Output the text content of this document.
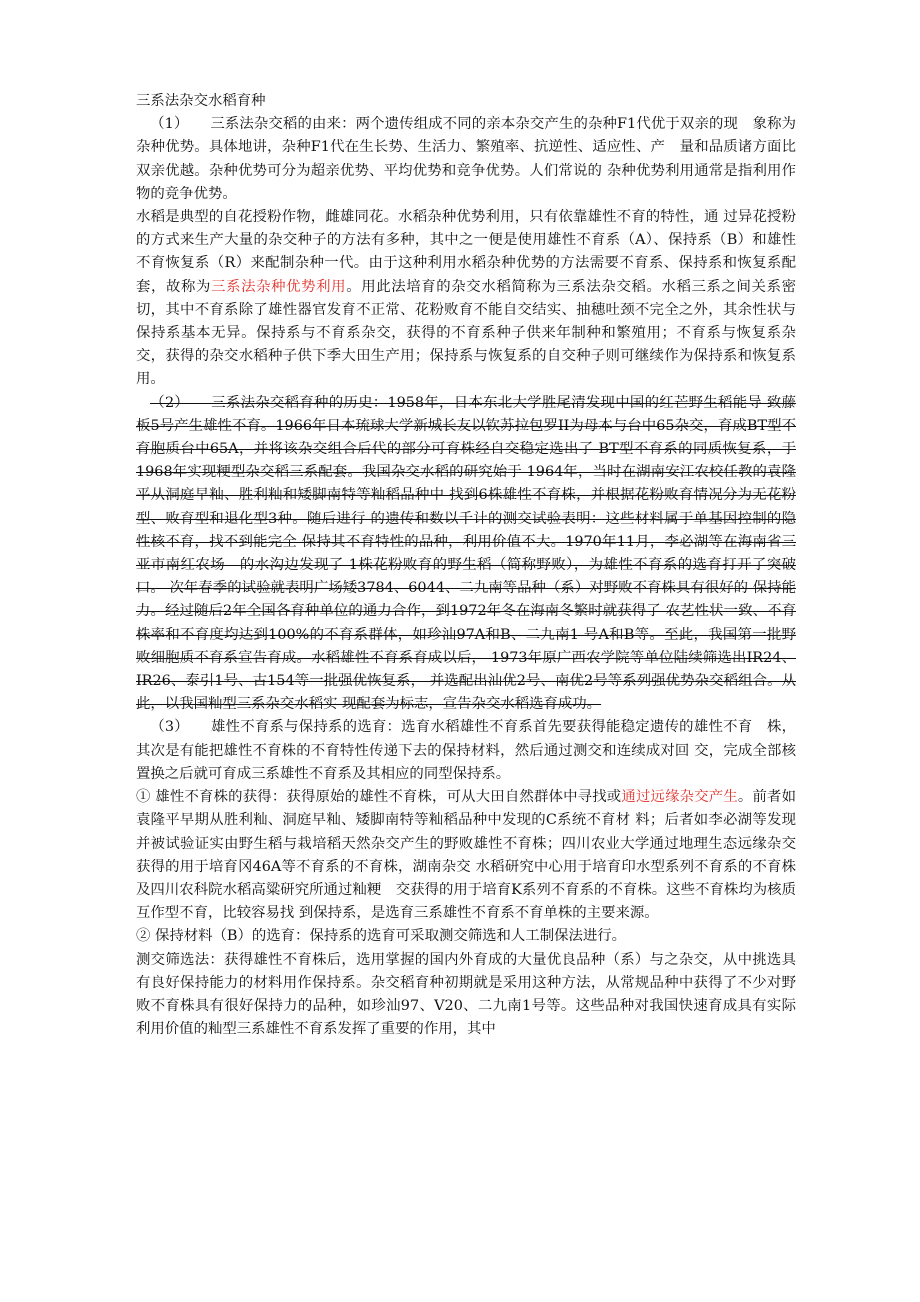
三系法杂交水稻育种

（1）　　三系法杂交稻的由来：两个遗传组成不同的亲本杂交产生的杂种F1代优于双亲的现　象称为杂种优势。具体地讲，杂种F1代在生长势、生活力、繁殖率、抗逆性、适应性、产　量和品质诸方面比双亲优越。杂种优势可分为超亲优势、平均优势和竞争优势。人们常说的 杂种优势利用通常是指利用作物的竞争优势。

水稻是典型的自花授粉作物，雌雄同花。水稻杂种优势利用，只有依靠雄性不育的特性，通 过异花授粉的方式来生产大量的杂交种子的方法有多种，其中之一便是使用雄性不育系（A）、保持系（B）和雄性不育恢复系（R）来配制杂种一代。由于这种利用水稻杂种优势的方法需要不育系、保持系和恢复系配套，故称为三系法杂种优势利用。用此法培育的杂交水稻简称为三系法杂交稻。水稻三系之间关系密切，其中不育系除了雄性器官发育不正常、花粉败育不能自交结实、抽穗吐颈不完全之外，其余性状与保持系基本无异。保持系与不育系杂交，获得的不育系种子供来年制种和繁殖用；不育系与恢复系杂交，获得的杂交水稻种子供下季大田生产用；保持系与恢复系的自交种子则可继续作为保持系和恢复系用。

（2）　　三系法杂交稻育种的历史：1958年，日本东北大学胜尾清发现中国的红芒野生稻能导 致藤板5号产生雄性不育。1966年日本琉球大学新城长友以钦苏拉包罗II为母本与台中65杂交，育成BT型不育胞质台中65A，并将该杂交组合后代的部分可育株经自交稳定选出了 BT型不育系的同质恢复系，于1968年实现粳型杂交稻三系配套。我国杂交水稻的研究始于 1964年，当时在湖南安江农校任教的袁隆平从洞庭早籼、胜利籼和矮脚南特等籼稻品种中 找到6株雄性不育株，并根据花粉败育情况分为无花粉型、败育型和退化型3种。随后进行 的遗传和数以千计的测交试验表明：这些材料属于单基因控制的隐性核不育，找不到能完全 保持其不育特性的品种，利用价值不大。1970年11月，李必湖等在海南省三亚市南红农场　的水沟边发现了 1株花粉败育的野生稻（简称野败），为雄性不育系的选育打开了突破口。 次年春季的试验就表明广场矮3784、6044、二九南等品种（系）对野败不育株具有很好的 保持能力。经过随后2年全国各育种单位的通力合作，到1972年冬在海南冬繁时就获得了 农艺性状一致、不育株率和不育度均达到100%的不育系群体，如珍汕97A和B、二九南1 号A和B等。至此，我国第一批野败细胞质不育系宣告育成。水稻雄性不育系育成以后， 1973年原广西农学院等单位陆续筛选出IR24、IR26、泰引1号、古154等一批强优恢复系， 并选配出汕优2号、南优2号等系列强优势杂交稻组合。从此，以我国籼型三系杂交水稻实 现配套为标志，宣告杂交水稻选育成功。

（3）　　雄性不育系与保持系的选育：选育水稻雄性不育系首先要获得能稳定遗传的雄性不育　株，其次是有能把雄性不育株的不育特性传递下去的保持材料，然后通过测交和连续成对回 交，完成全部核置换之后就可育成三系雄性不育系及其相应的同型保持系。

① 雄性不育株的获得：获得原始的雄性不育株，可从大田自然群体中寻找或通过远缘杂交产生。前者如袁隆平早期从胜利籼、洞庭早籼、矮脚南特等籼稻品种中发现的C系统不育材 料；后者如李必湖等发现并被试验证实由野生稻与栽培稻天然杂交产生的野败雄性不育株；四川农业大学通过地理生态远缘杂交获得的用于培育冈46A等不育系的不育株，湖南杂交 水稻研究中心用于培育印水型系列不育系的不育株及四川农科院水稻高粱研究所通过籼粳　交获得的用于培育K系列不育系的不育株。这些不育株均为核质互作型不育，比较容易找 到保持系，是选育三系雄性不育系不育单株的主要来源。

② 保持材料（B）的选育：保持系的选育可采取测交筛选和人工制保法进行。

测交筛选法：获得雄性不育株后，选用掌握的国内外育成的大量优良品种（系）与之杂交，从中挑选具有良好保持能力的材料用作保持系。杂交稻育种初期就是采用这种方法，从常规品种中获得了不少对野败不育株具有很好保持力的品种，如珍汕97、V20、二九南1号等。这些品种对我国快速育成具有实际利用价值的籼型三系雄性不育系发挥了重要的作用，其中
